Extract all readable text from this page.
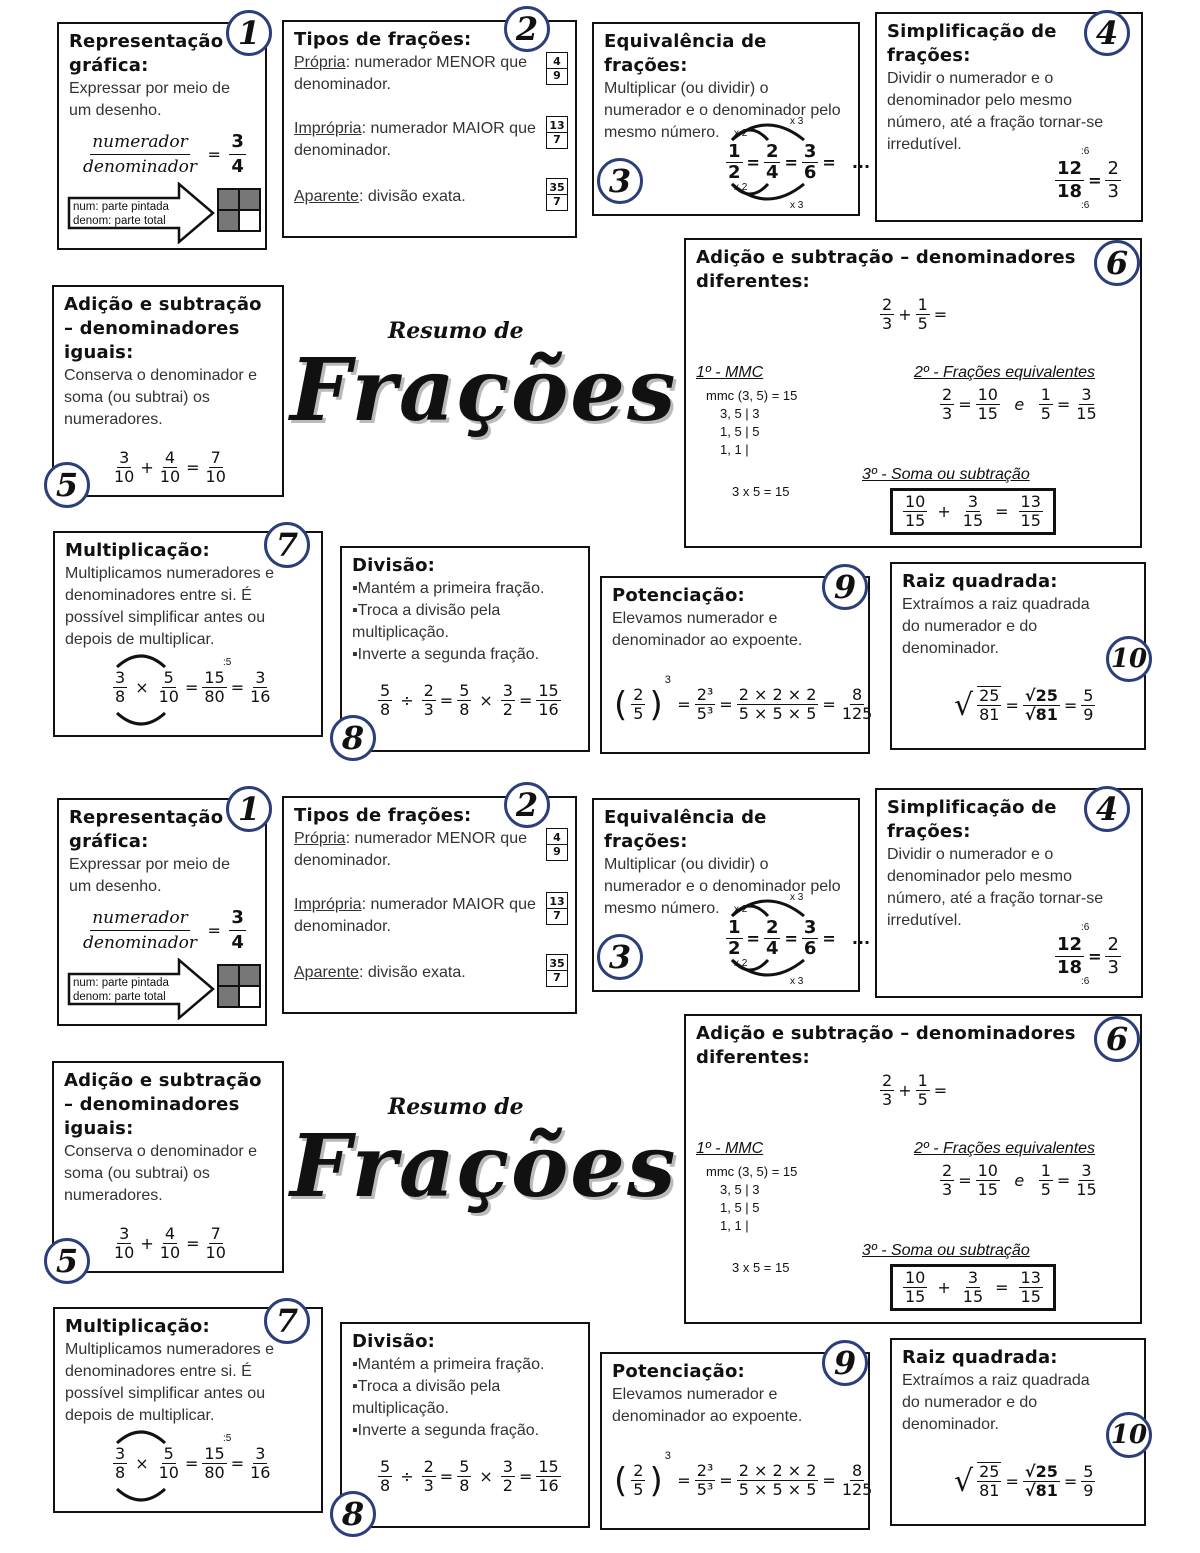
Representação gráfica:
Expressar por meio de um desenho.
$\frac{\text{numerador}}{\text{denominador}} = \frac{3}{4}$
num: parte pintada
denom: parte total
1	Tipos de frações:
Própria: numerador MENOR que denominador.
Imprópria: numerador MAIOR que denominador.
Aparente: divisão exata.
4
9
13
7
35
7
2	Equivalência de frações:
Multiplicar (ou dividir) o numerador e o denominador pelo mesmo número.	x 2
x 3
x 2
x 3
$\frac{1}{2} = \frac{2}{4} = \frac{3}{6}$ = ...
3
Simplificação de frações:
Dividir o numerador e o denominador pelo mesmo número, até a fração tornar-se irredutível.
$\frac{12}{18} = \frac{2}{3}$
:6
:6
4
Resumo de
Frações
Adição e subtração – denominadores iguais:
Conserva o denominador e soma (ou subtrai) os numeradores.
$\frac{3}{10} + \frac{4}{10} = \frac{7}{10}$
5
Adição e subtração – denominadores diferentes:
$\frac{2}{3} + \frac{1}{5}$ =
1º - MMC
mmc (3, 5) = 15
3, 5 | 3
1, 5 | 5
1, 1 |
3 x 5 = 15
2º - Frações equivalentes
$\frac{2}{3} = \frac{10}{15}$ e $\frac{1}{5} = \frac{3}{15}$
3º - Soma ou subtração
$\frac{10}{15} + \frac{3}{15} = \frac{13}{15}$
6
Multiplicação:
Multiplicamos numeradores e denominadores entre si. É possível simplificar antes ou depois de multiplicar.
$\frac{3}{8} \times \frac{5}{10} = \frac{15}{80} = \frac{3}{16}$
:5
7
Divisão:
▪Mantém a primeira fração.
▪Troca a divisão pela multiplicação.
▪Inverte a segunda fração.
$\frac{5}{8} \div \frac{2}{3} = \frac{5}{8} \times \frac{3}{2} = \frac{15}{16}$
8
Potenciação:
Elevamos numerador e denominador ao expoente.
( $\frac{2}{5} )^3 = \frac{\text{2³}}{\text{5³}} = \frac{2 \times 2 \times 2}{5 \times 5 \times 5} = \frac{8}{125}$
9	Raiz quadrada:
Extraímos a raiz quadrada do numerador e do denominador.
√ $\frac{25}{81} = \frac{√25}{√81} = \frac{5}{9}$
10
Representação gráfica:
Expressar por meio de um desenho.
$\frac{\text{numerador}}{\text{denominador}} = \frac{3}{4}$
num: parte pintada
denom: parte total
1	Tipos de frações:
Própria: numerador MENOR que denominador.
Imprópria: numerador MAIOR que denominador.
Aparente: divisão exata.
4
9
13
7
35
7
2	Equivalência de frações:
Multiplicar (ou dividir) o numerador e o denominador pelo mesmo número.	x 2
x 3
x 2
x 3
$\frac{1}{2} = \frac{2}{4} = \frac{3}{6}$ = ...
3
Simplificação de frações:
Dividir o numerador e o denominador pelo mesmo número, até a fração tornar-se irredutível.
$\frac{12}{18} = \frac{2}{3}$
:6
:6
4
Resumo de
Frações
Adição e subtração – denominadores iguais:
Conserva o denominador e soma (ou subtrai) os numeradores.
$\frac{3}{10} + \frac{4}{10} = \frac{7}{10}$
5
Adição e subtração – denominadores diferentes:
$\frac{2}{3} + \frac{1}{5}$ =
1º - MMC
mmc (3, 5) = 15
3, 5 | 3
1, 5 | 5
1, 1 |
3 x 5 = 15
2º - Frações equivalentes
$\frac{2}{3} = \frac{10}{15}$ e $\frac{1}{5} = \frac{3}{15}$
3º - Soma ou subtração
$\frac{10}{15} + \frac{3}{15} = \frac{13}{15}$
6
Multiplicação:
Multiplicamos numeradores e denominadores entre si. É possível simplificar antes ou depois de multiplicar.
$\frac{3}{8} \times \frac{5}{10} = \frac{15}{80} = \frac{3}{16}$
:5
7
Divisão:
▪Mantém a primeira fração.
▪Troca a divisão pela multiplicação.
▪Inverte a segunda fração.
$\frac{5}{8} \div \frac{2}{3} = \frac{5}{8} \times \frac{3}{2} = \frac{15}{16}$
8
Potenciação:
Elevamos numerador e denominador ao expoente.
( $\frac{2}{5} )^3 = \frac{\text{2³}}{\text{5³}} = \frac{2 \times 2 \times 2}{5 \times 5 \times 5} = \frac{8}{125}$
9	Raiz quadrada:
Extraímos a raiz quadrada do numerador e do denominador.
√ $\frac{25}{81} = \frac{√25}{√81} = \frac{5}{9}$
10
